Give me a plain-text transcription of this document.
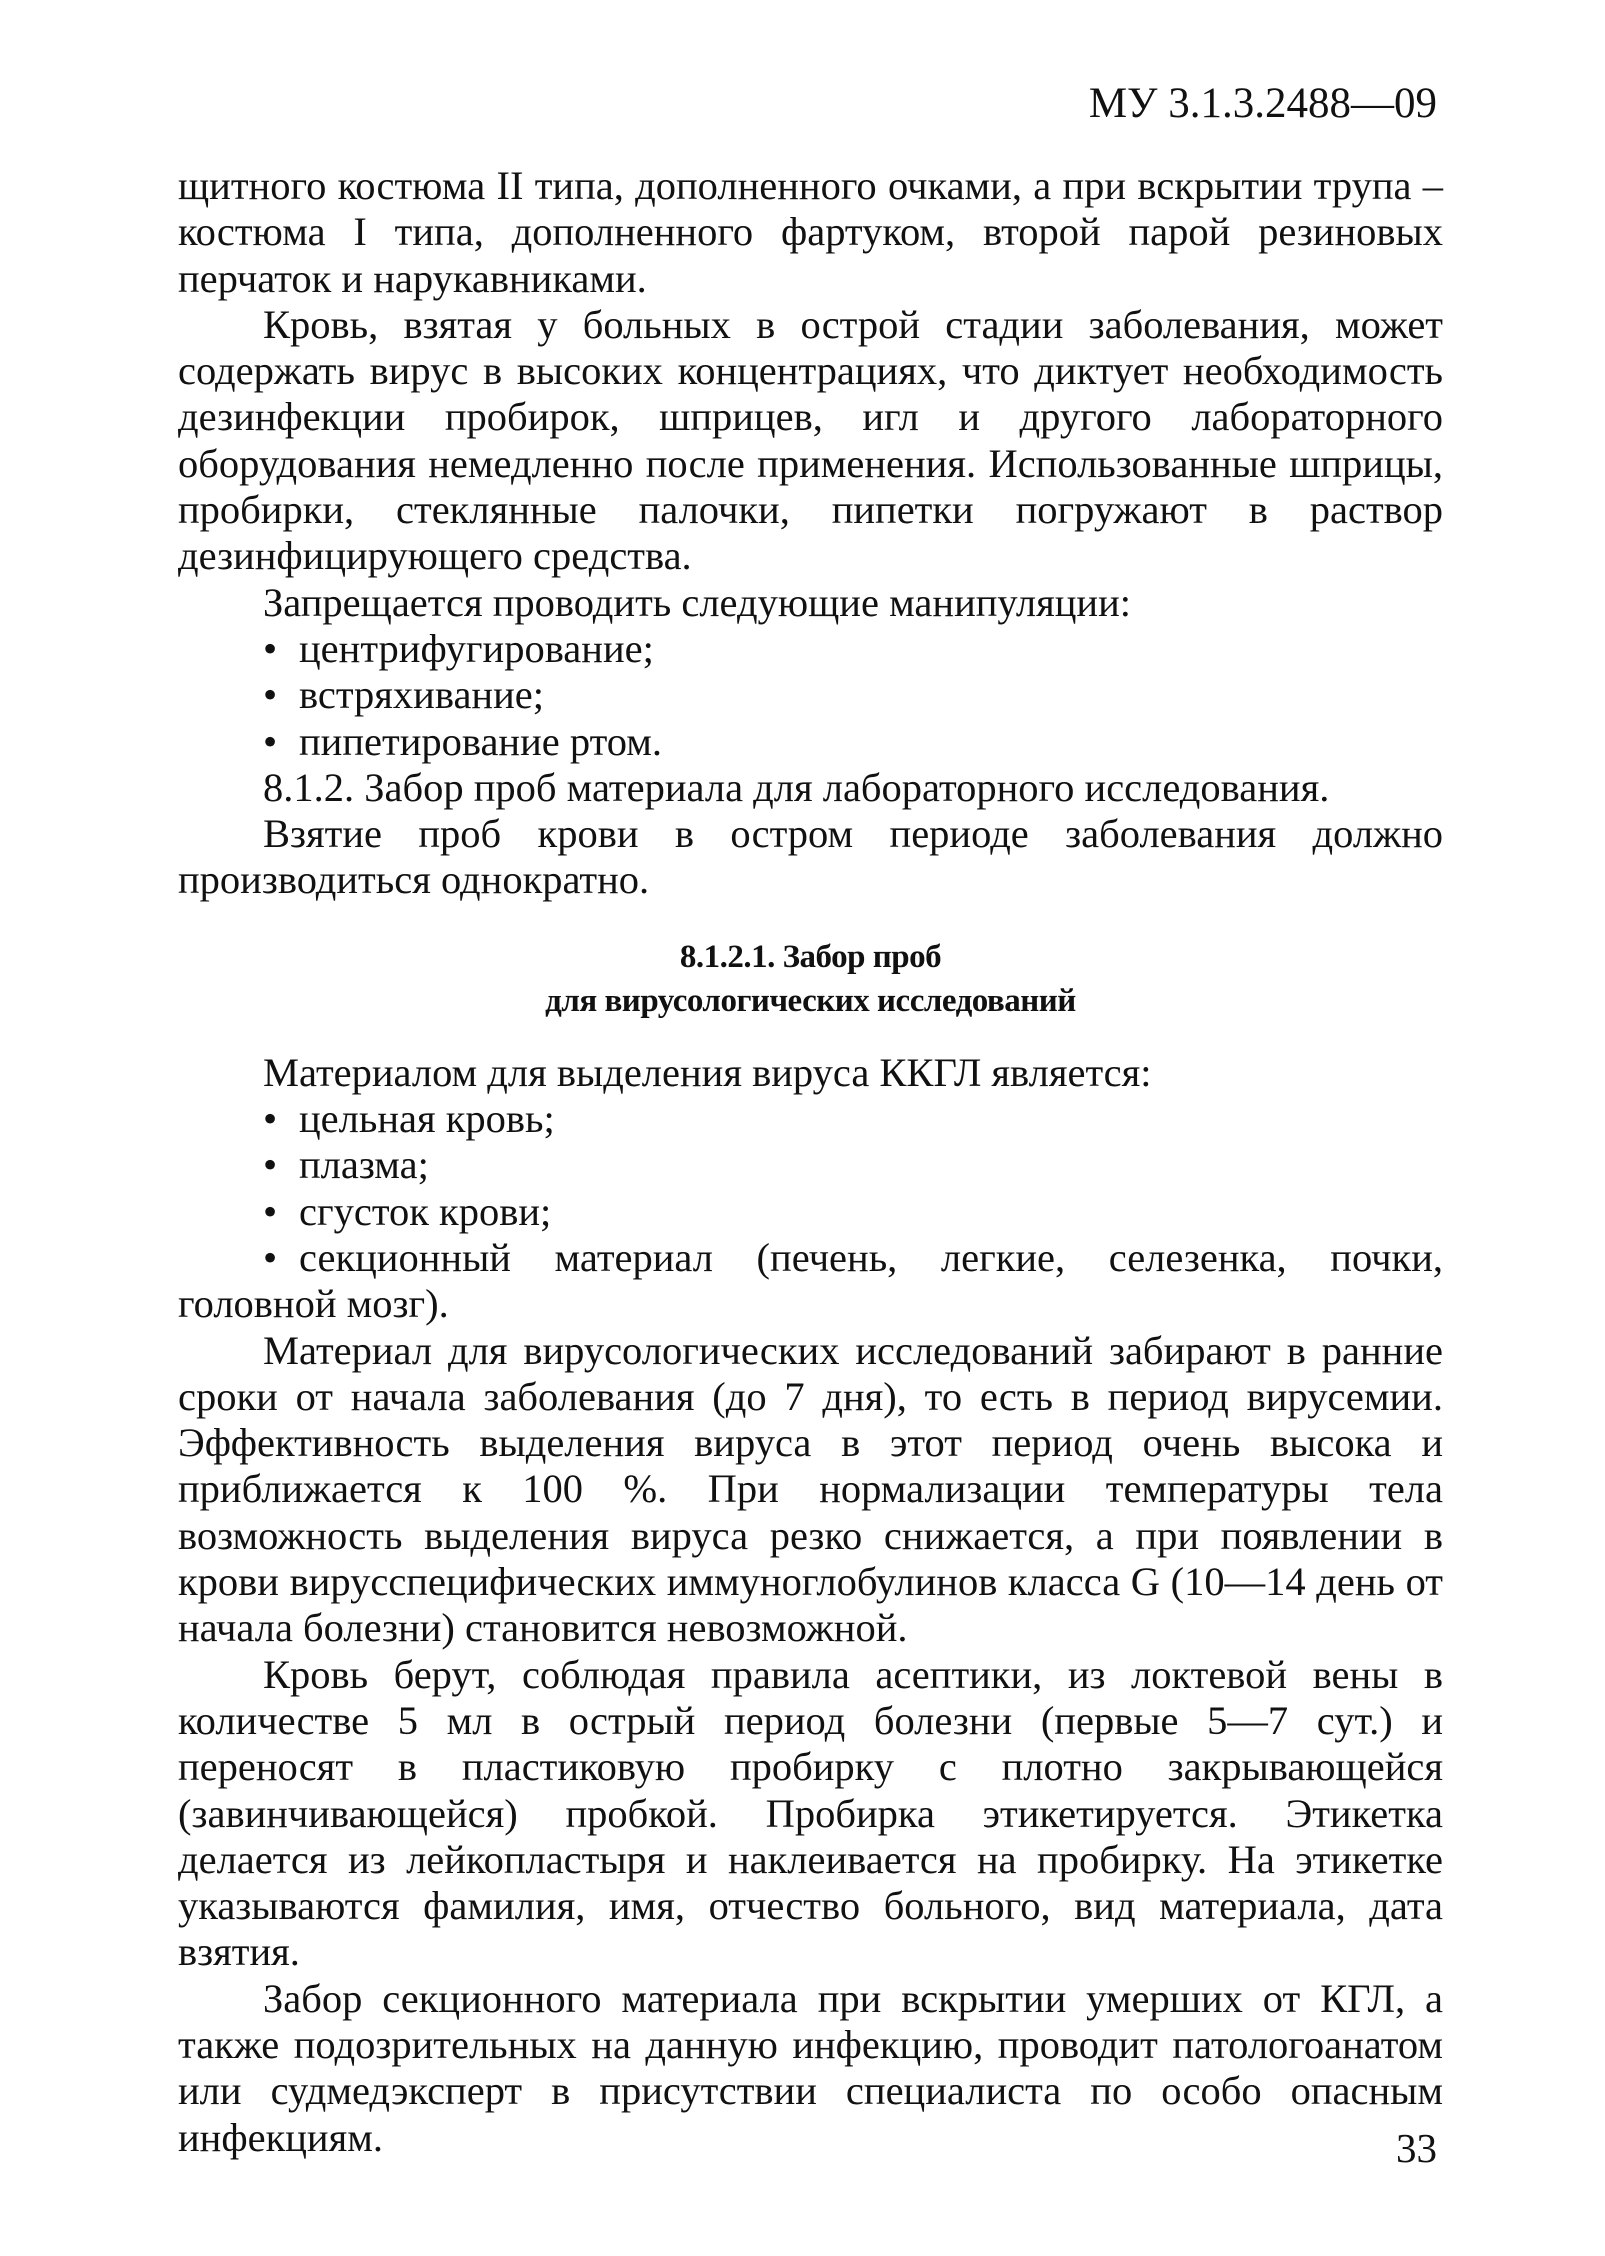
МУ 3.1.3.2488—09

щитного костюма II типа, дополненного очками, а при вскрытии трупа – костюма I типа, дополненного фартуком, второй парой резиновых перчаток и нарукавниками.

Кровь, взятая у больных в острой стадии заболевания, может содержать вирус в высоких концентрациях, что диктует необходимость дезинфекции пробирок, шприцев, игл и другого лабораторного оборудования немедленно после применения. Использованные шприцы, пробирки, стеклянные палочки, пипетки погружают в раствор дезинфицирующего средства.

Запрещается проводить следующие манипуляции:

• центрифугирование;

• встряхивание;

• пипетирование ртом.

8.1.2. Забор проб материала для лабораторного исследования.

Взятие проб крови в остром периоде заболевания должно производиться однократно.

8.1.2.1. Забор проб
для вирусологических исследований

Материалом для выделения вируса ККГЛ является:

• цельная кровь;

• плазма;

• сгусток крови;

• секционный материал (печень, легкие, селезенка, почки, головной мозг).

Материал для вирусологических исследований забирают в ранние сроки от начала заболевания (до 7 дня), то есть в период вирусемии. Эффективность выделения вируса в этот период очень высока и приближается к 100 %. При нормализации температуры тела возможность выделения вируса резко снижается, а при появлении в крови вирусспецифических иммуноглобулинов класса G (10—14 день от начала болезни) становится невозможной.

Кровь берут, соблюдая правила асептики, из локтевой вены в количестве 5 мл в острый период болезни (первые 5—7 сут.) и переносят в пластиковую пробирку с плотно закрывающейся (завинчивающейся) пробкой. Пробирка этикетируется. Этикетка делается из лейкопластыря и наклеивается на пробирку. На этикетке указываются фамилия, имя, отчество больного, вид материала, дата взятия.

Забор секционного материала при вскрытии умерших от КГЛ, а также подозрительных на данную инфекцию, проводит патологоанатом или судмедэксперт в присутствии специалиста по особо опасным инфекциям.	33
